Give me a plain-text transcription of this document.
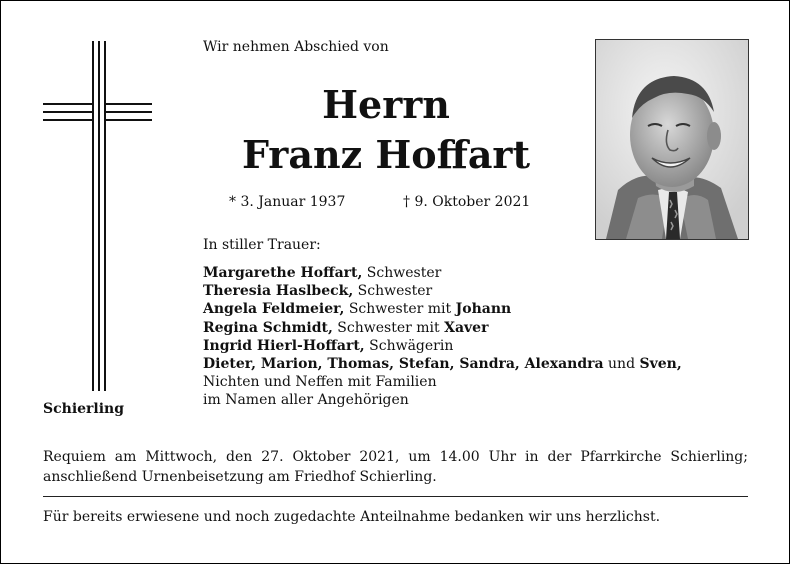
Wir nehmen Abschied von
Herrn
Franz Hoffart
* 3. Januar 1937	† 9. Oktober 2021
In stiller Trauer:
Margarethe Hoffart, Schwester
Theresia Haslbeck, Schwester
Angela Feldmeier, Schwester mit Johann
Regina Schmidt, Schwester mit Xaver
Ingrid Hierl-Hoffart, Schwägerin
Dieter, Marion, Thomas, Stefan, Sandra, Alexandra und Sven,
Nichten und Neffen mit Familien
im Namen aller Angehörigen
Schierling
Requiem am Mittwoch, den 27. Oktober 2021, um 14.00 Uhr in der Pfarrkirche Schierling; anschließend Urnenbeisetzung am Friedhof Schierling.
Für bereits erwiesene und noch zugedachte Anteilnahme bedanken wir uns herzlichst.
